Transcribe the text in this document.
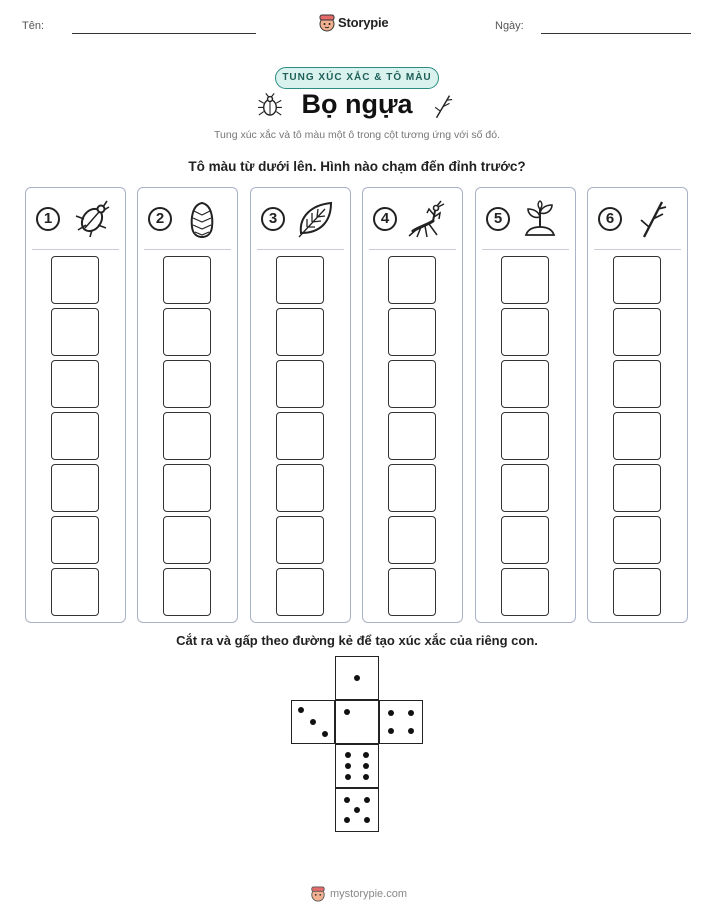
Tên:	Storypie	Ngày:
TUNG XÚC XẮC & TÔ MÀU
Bọ ngựa
Tung xúc xắc và tô màu một ô trong cột tương ứng với số đó.
Tô màu từ dưới lên. Hình nào chạm đến đỉnh trước?
1	2	3	4	5	6
Cắt ra và gấp theo đường kẻ để tạo xúc xắc của riêng con.
mystorypie.com
